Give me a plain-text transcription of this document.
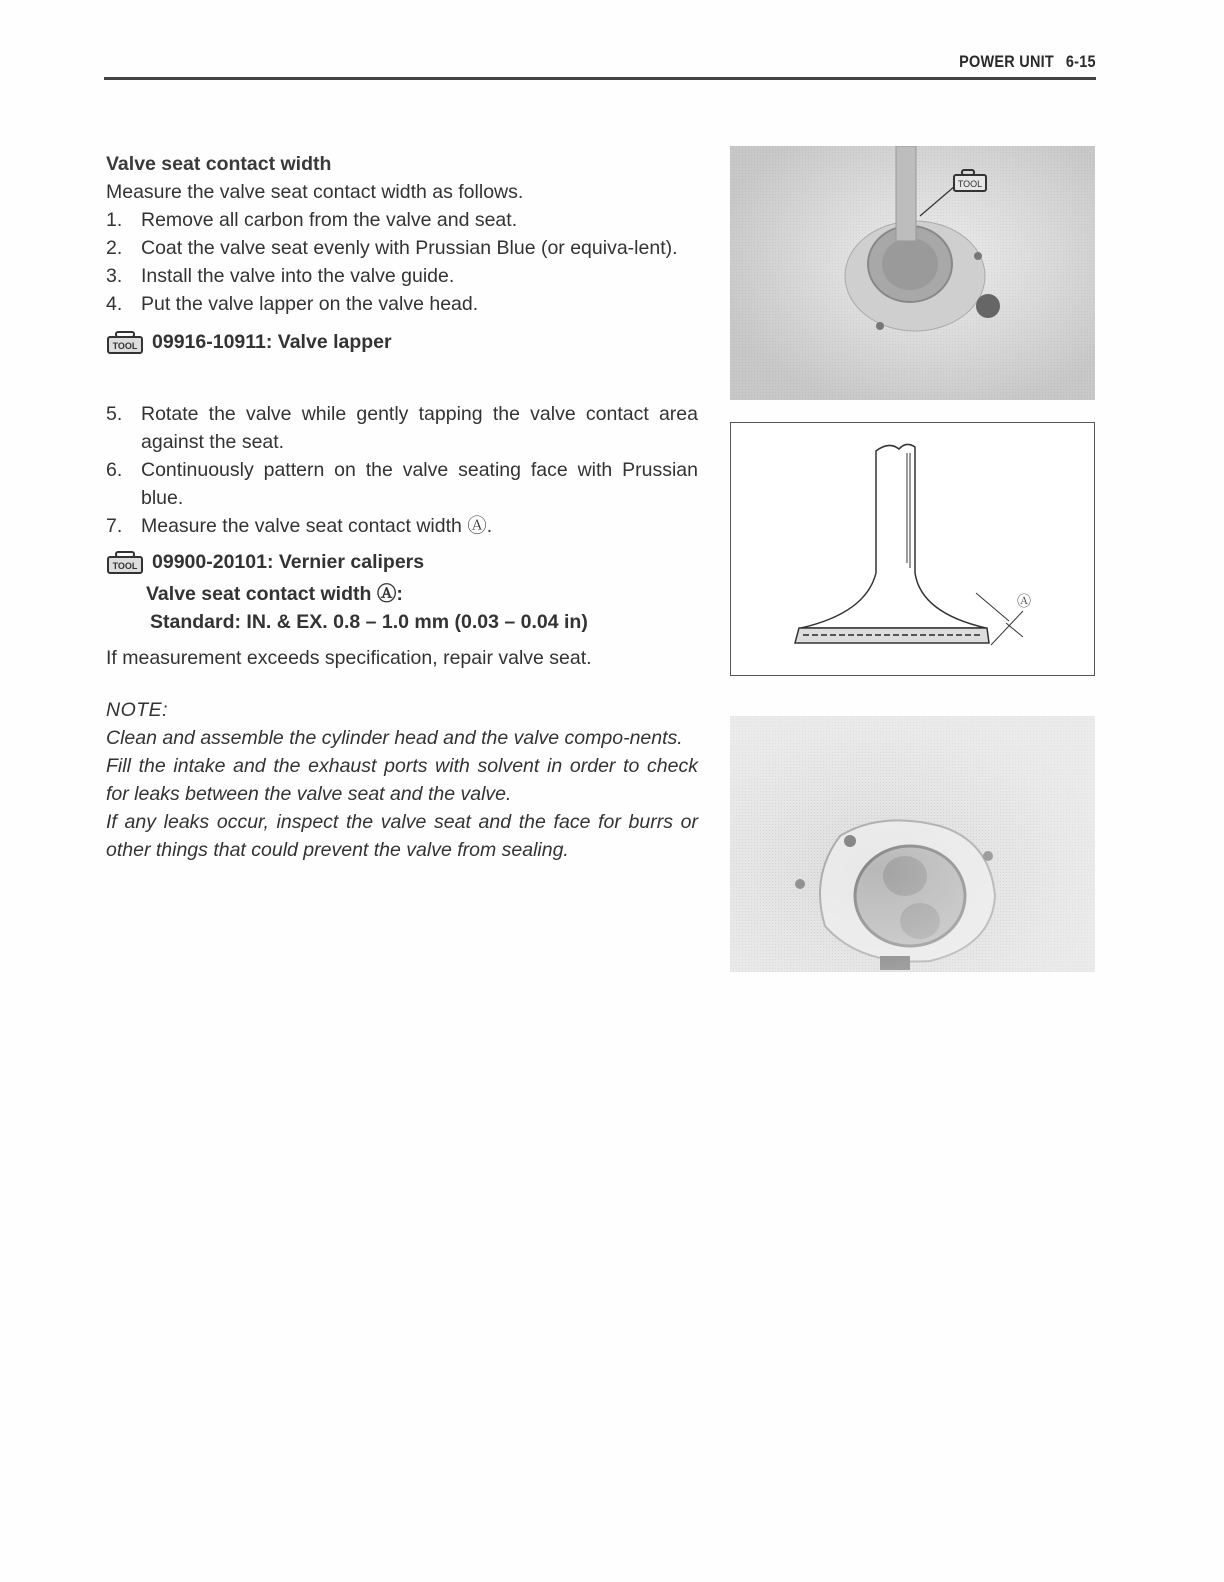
POWER UNIT 6-15

Valve seat contact width

Measure the valve seat contact width as follows.

1. Remove all carbon from the valve and seat.
2. Coat the valve seat evenly with Prussian Blue (or equiva-lent).
3. Install the valve into the valve guide.
4. Put the valve lapper on the valve head.
TOOL 09916-10911: Valve lapper
5. Rotate the valve while gently tapping the valve contact area against the seat.
6. Continuously pattern on the valve seating face with Prussian blue.
7. Measure the valve seat contact width Ⓐ.
TOOL 09900-20101: Vernier calipers
Valve seat contact width Ⓐ:
Standard: IN. & EX. 0.8 – 1.0 mm (0.03 – 0.04 in)

If measurement exceeds specification, repair valve seat.

NOTE:

Clean and assemble the cylinder head and the valve compo-nents.

Fill the intake and the exhaust ports with solvent in order to check for leaks between the valve seat and the valve.

If any leaks occur, inspect the valve seat and the face for burrs or other things that could prevent the valve from sealing.

TOOL
Ⓐ
